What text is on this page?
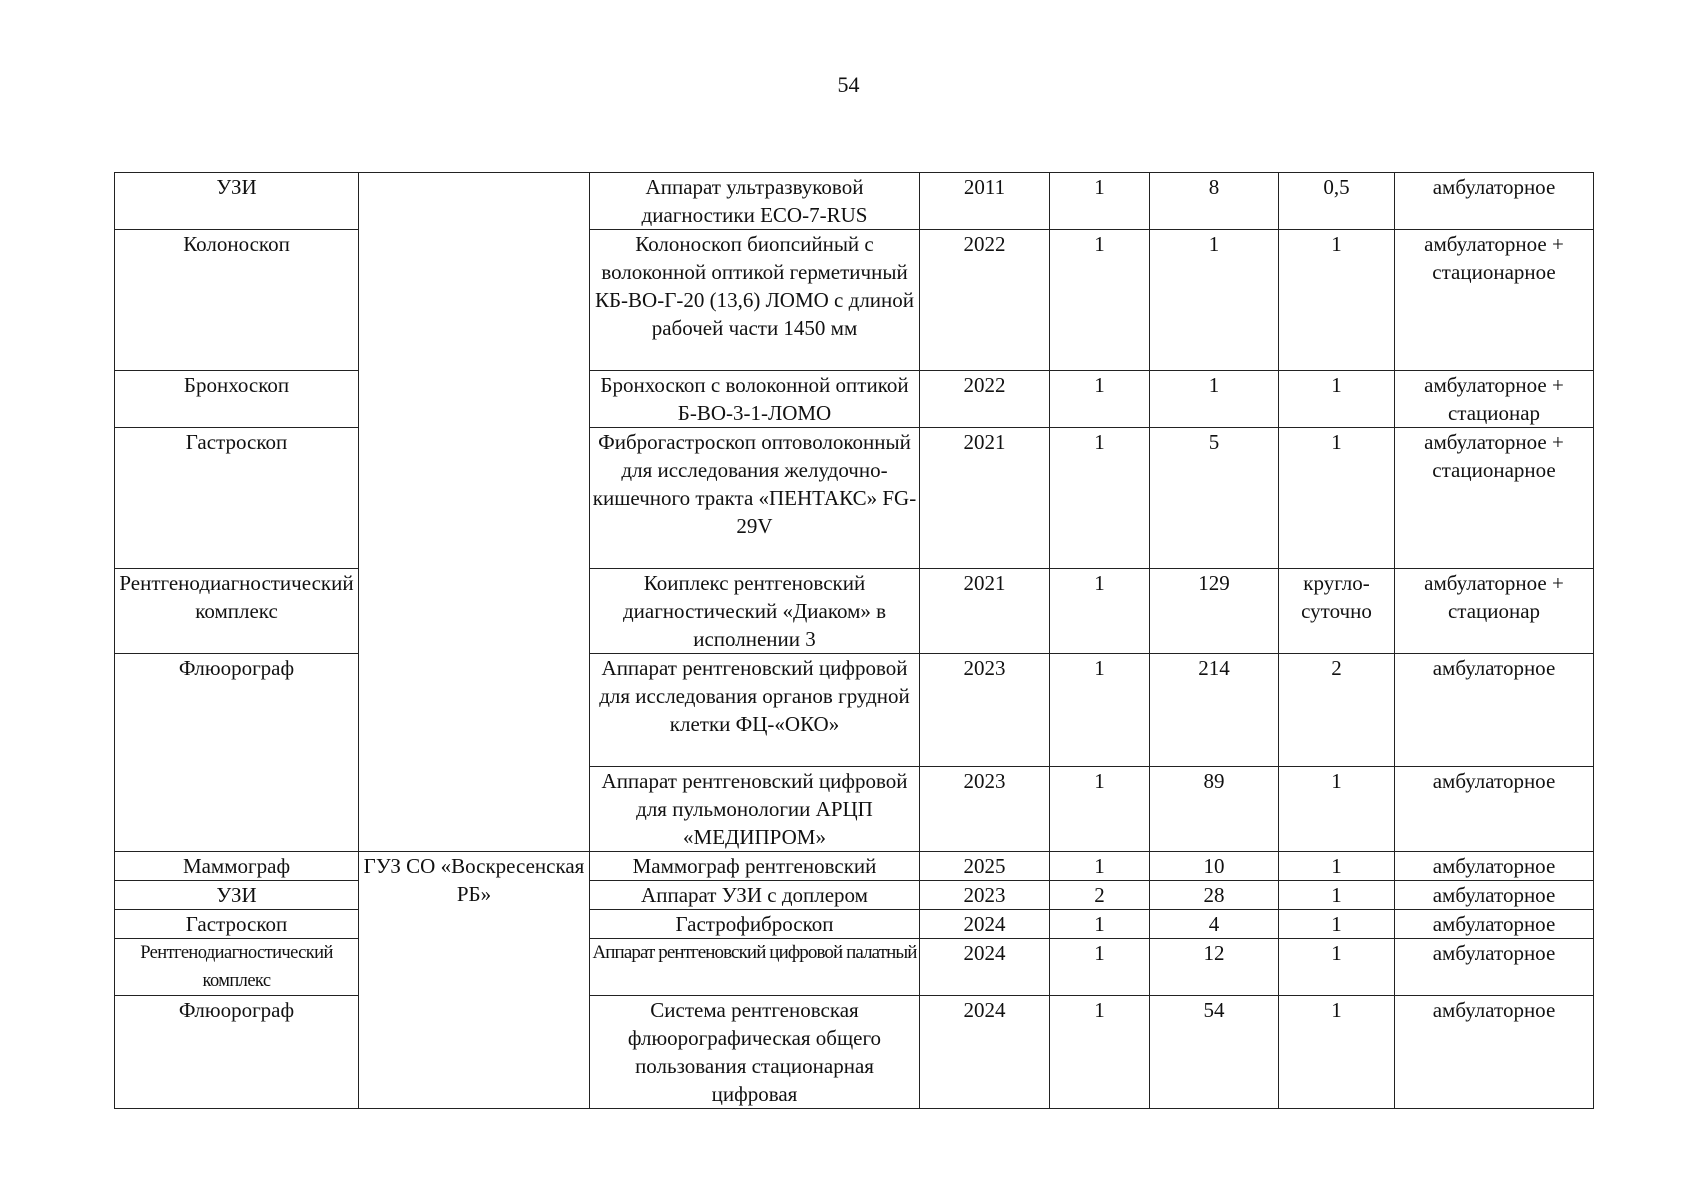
54
УЗИ		Аппарат ультразвуковой диагностики ECO-7-RUS	2011	1	8	0,5	амбулаторное
Колоноскоп		Колоноскоп биопсийный с волоконной оптикой герметичный КБ-ВО-Г-20 (13,6) ЛОМО с длиной рабочей части 1450 мм	2022	1	1	1	амбулаторное + стационарное
Бронхоскоп		Бронхоскоп с волоконной оптикой Б-ВО-3-1-ЛОМО	2022	1	1	1	амбулаторное + стационар
Гастроскоп		Фиброгастроскоп оптоволоконный для исследования желудочно-кишечного тракта «ПЕНТАКС» FG-29V	2021	1	5	1	амбулаторное + стационарное
Рентгенодиагностический комплекс		Коиплекс рентгеновский диагностический «Диаком» в исполнении 3	2021	1	129	кругло-суточно	амбулаторное + стационар
Флюорограф		Аппарат рентгеновский цифровой для исследования органов грудной клетки ФЦ-«ОКО»	2023	1	214	2	амбулаторное
		Аппарат рентгеновский цифровой для пульмонологии АРЦП «МЕДИПРОМ»	2023	1	89	1	амбулаторное
Маммограф	ГУЗ СО «Воскресенская РБ»	Маммограф рентгеновский	2025	1	10	1	амбулаторное
УЗИ		Аппарат УЗИ с доплером	2023	2	28	1	амбулаторное
Гастроскоп		Гастрофиброскоп	2024	1	4	1	амбулаторное
Рентгенодиагностический комплекс		Аппарат рентгеновский цифровой палатный	2024	1	12	1	амбулаторное
Флюорограф		Система рентгеновская флюорографическая общего пользования стационарная цифровая	2024	1	54	1	амбулаторное
